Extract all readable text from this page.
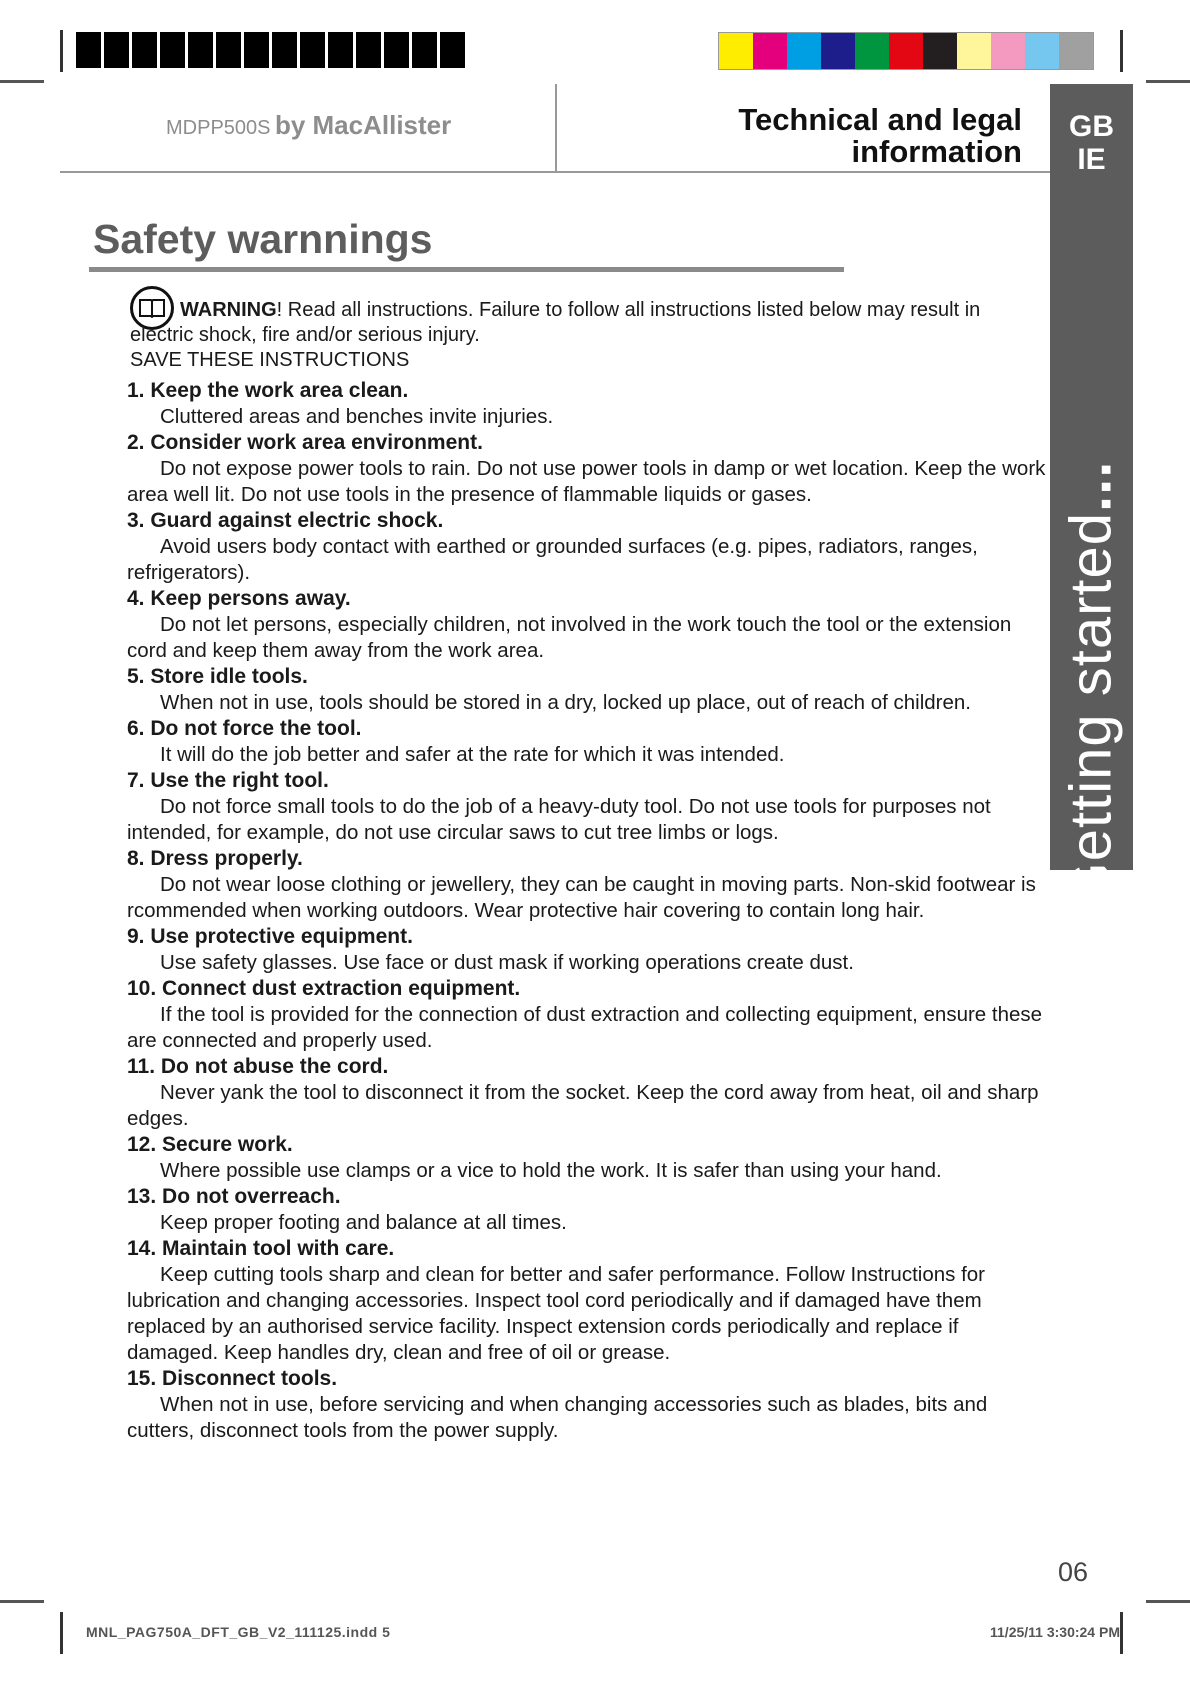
MDPP500S by MacAllister	Technical and legal
information
GB
IE
Getting started...
Safety warnnings
WARNING! Read all instructions. Failure to follow all instructions listed below may result in
electric shock, fire and/or serious injury.
SAVE THESE INSTRUCTIONS
1. Keep the work area clean.

Cluttered areas and benches invite injuries.

2. Consider work area environment.

Do not expose power tools to rain. Do not use power tools in damp or wet location. Keep the work area well lit. Do not use tools in the presence of flammable liquids or gases.

3. Guard against electric shock.

Avoid users body contact with earthed or grounded surfaces (e.g. pipes, radiators, ranges, refrigerators).

4. Keep persons away.

Do not let persons, especially children, not involved in the work touch the tool or the extension cord and keep them away from the work area.

5. Store idle tools.

When not in use, tools should be stored in a dry, locked up place, out of reach of children.

6. Do not force the tool.

It will do the job better and safer at the rate for which it was intended.

7. Use the right tool.

Do not force small tools to do the job of a heavy-duty tool. Do not use tools for purposes not intended, for example, do not use circular saws to cut tree limbs or logs.

8. Dress properly.

Do not wear loose clothing or jewellery, they can be caught in moving parts. Non-skid footwear is rcommended when working outdoors. Wear protective hair covering to contain long hair.

9. Use protective equipment.

Use safety glasses. Use face or dust mask if working operations create dust.

10. Connect dust extraction equipment.

If the tool is provided for the connection of dust extraction and collecting equipment, ensure these are connected and properly used.

11. Do not abuse the cord.

Never yank the tool to disconnect it from the socket. Keep the cord away from heat, oil and sharp edges.

12. Secure work.

Where possible use clamps or a vice to hold the work. It is safer than using your hand.

13. Do not overreach.

Keep proper footing and balance at all times.

14. Maintain tool with care.

Keep cutting tools sharp and clean for better and safer performance. Follow Instructions for lubrication and changing accessories. Inspect tool cord periodically and if damaged have them replaced by an authorised service facility. Inspect extension cords periodically and replace if damaged. Keep handles dry, clean and free of oil or grease.

15. Disconnect tools.

When not in use, before servicing and when changing accessories such as blades, bits and cutters, disconnect tools from the power supply.

06
MNL_PAG750A_DFT_GB_V2_111125.indd 5	11/25/11 3:30:24 PM
